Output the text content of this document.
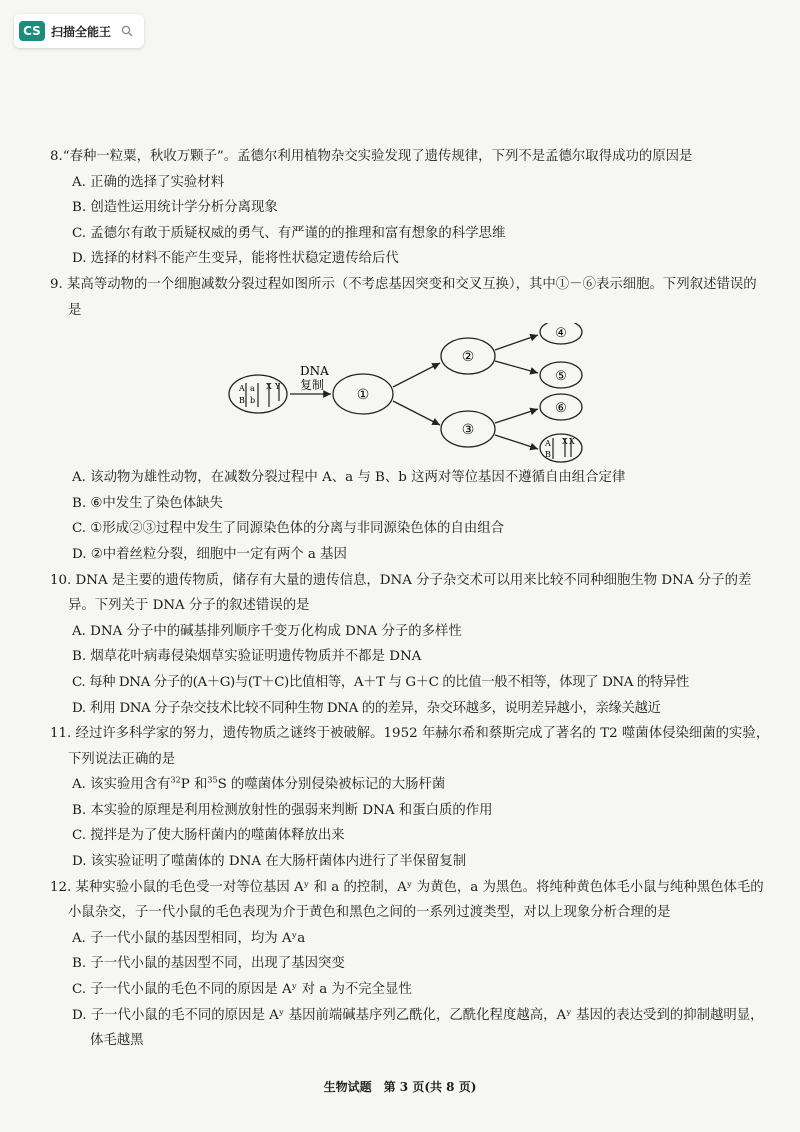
CS 扫描全能王
8.“春种一粒粟，秋收万颗子”。孟德尔利用植物杂交实验发现了遗传规律，下列不是孟德尔取得成功的原因是
A. 正确的选择了实验材料
B. 创造性运用统计学分析分离现象
C. 孟德尔有敢于质疑权威的勇气、有严谨的的推理和富有想象的科学思维
D. 选择的材料不能产生变异，能将性状稳定遗传给后代
9. 某高等动物的一个细胞减数分裂过程如图所示（不考虑基因突变和交叉互换），其中①－⑥表示细胞。下列叙述错误的是
A a
B b
X Y
DNA
复制
①
②
③
④
⑤
⑥
A
B
X X
A. 该动物为雄性动物，在减数分裂过程中 A、a 与 B、b 这两对等位基因不遵循自由组合定律
B. ⑥中发生了染色体缺失
C. ①形成②③过程中发生了同源染色体的分离与非同源染色体的自由组合
D. ②中着丝粒分裂，细胞中一定有两个 a 基因
10. DNA 是主要的遗传物质，储存有大量的遗传信息，DNA 分子杂交术可以用来比较不同种细胞生物 DNA 分子的差异。下列关于 DNA 分子的叙述错误的是
A. DNA 分子中的碱基排列顺序千变万化构成 DNA 分子的多样性
B. 烟草花叶病毒侵染烟草实验证明遗传物质并不都是 DNA
C. 每种 DNA 分子的(A＋G)与(T＋C)比值相等，A＋T 与 G＋C 的比值一般不相等，体现了 DNA 的特异性
D. 利用 DNA 分子杂交技术比较不同种生物 DNA 的的差异，杂交环越多，说明差异越小，亲缘关越近
11. 经过许多科学家的努力，遗传物质之谜终于被破解。1952 年赫尔希和蔡斯完成了著名的 T2 噬菌体侵染细菌的实验，下列说法正确的是
A. 该实验用含有$^{32}$P 和$^{35}$S 的噬菌体分别侵染被标记的大肠杆菌
B. 本实验的原理是利用检测放射性的强弱来判断 DNA 和蛋白质的作用
C. 搅拌是为了使大肠杆菌内的噬菌体释放出来
D. 该实验证明了噬菌体的 DNA 在大肠杆菌体内进行了半保留复制
12. 某种实验小鼠的毛色受一对等位基因 Aʸ 和 a 的控制，Aʸ 为黄色，a 为黑色。将纯种黄色体毛小鼠与纯种黑色体毛的小鼠杂交，子一代小鼠的毛色表现为介于黄色和黑色之间的一系列过渡类型，对以上现象分析合理的是
A. 子一代小鼠的基因型相同，均为 Aʸa
B. 子一代小鼠的基因型不同，出现了基因突变
C. 子一代小鼠的毛色不同的原因是 Aʸ 对 a 为不完全显性
D. 子一代小鼠的毛不同的原因是 Aʸ 基因前端碱基序列乙酰化，乙酰化程度越高，Aʸ 基因的表达受到的抑制越明显，体毛越黑
生物试题　第 3 页(共 8 页)
